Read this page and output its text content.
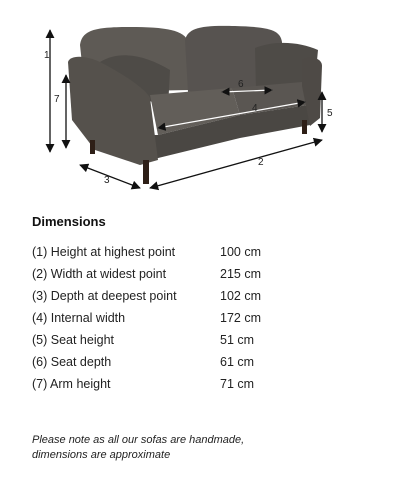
1
7
3
2
5
6
4
Dimensions
(1) Height at highest point	100 cm
(2) Width at widest point	215 cm
(3) Depth at deepest point	102 cm
(4) Internal width	172 cm
(5) Seat height	51 cm
(6) Seat depth	61 cm
(7) Arm height	71 cm
Please note as all our sofas are handmade,
dimensions are approximate
